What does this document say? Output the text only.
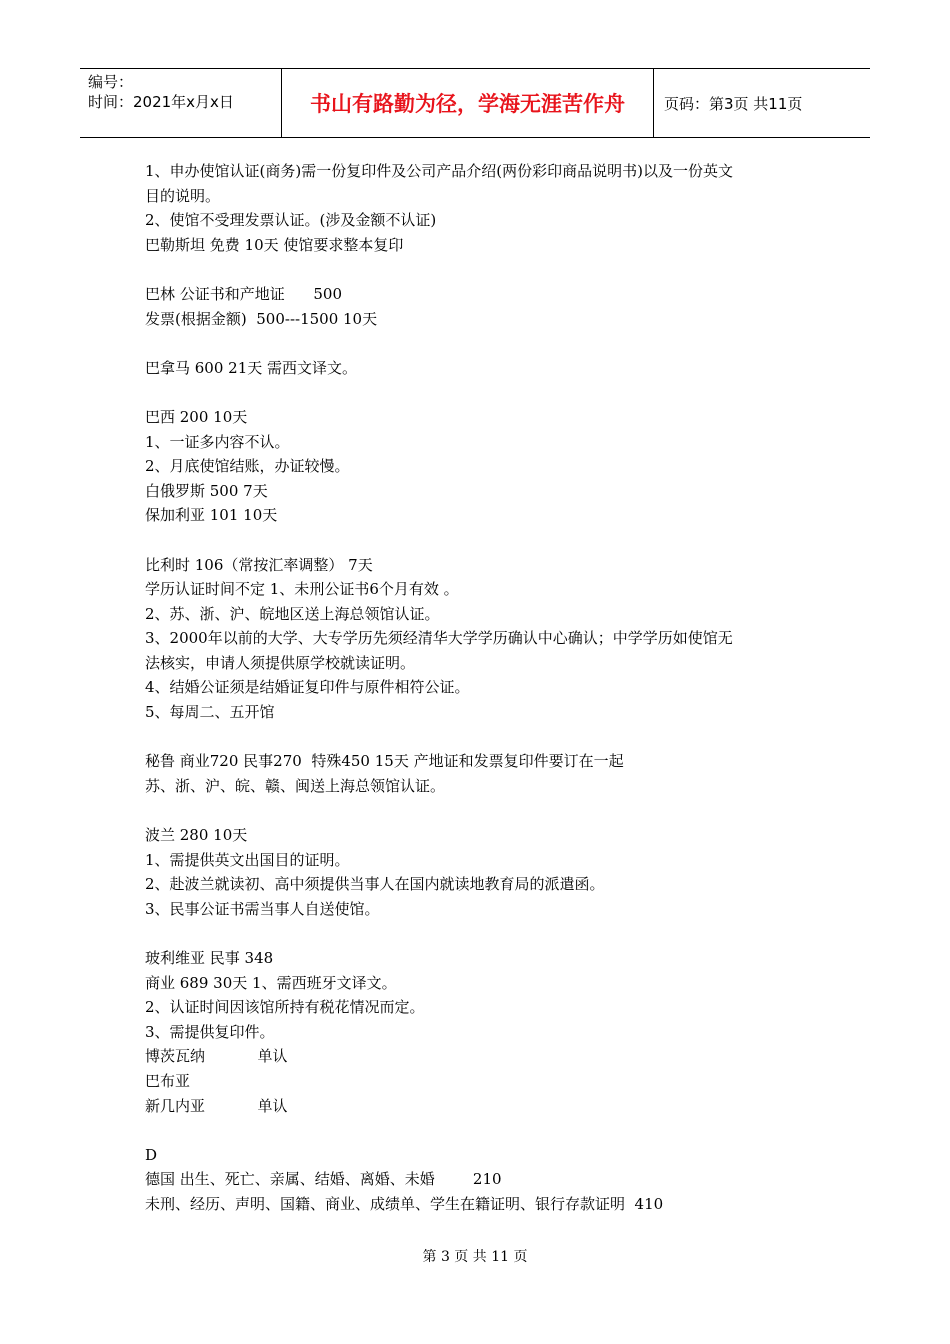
编号：
时间：2021年x月x日	书山有路勤为径，学海无涯苦作舟	页码：第3页 共11页
1、申办使馆认证(商务)需一份复印件及公司产品介绍(两份彩印商品说明书)以及一份英文
目的说明。
2、使馆不受理发票认证。(涉及金额不认证)
巴勒斯坦 免费 10天 使馆要求整本复印
巴林 公证书和产地证      500
发票(根据金额)  500---1500 10天
巴拿马 600 21天 需西文译文。
巴西 200 10天
1、一证多内容不认。
2、月底使馆结账，办证较慢。
白俄罗斯 500 7天
保加利亚 101 10天
比利时 106（常按汇率调整） 7天
学历认证时间不定 1、未刑公证书6个月有效 。
2、苏、浙、沪、皖地区送上海总领馆认证。
3、2000年以前的大学、大专学历先须经清华大学学历确认中心确认；中学学历如使馆无
法核实，申请人须提供原学校就读证明。
4、结婚公证须是结婚证复印件与原件相符公证。
5、每周二、五开馆
秘鲁 商业720 民事270  特殊450 15天 产地证和发票复印件要订在一起
苏、浙、沪、皖、赣、闽送上海总领馆认证。
波兰 280 10天
1、需提供英文出国目的证明。
2、赴波兰就读初、高中须提供当事人在国内就读地教育局的派遣函。
3、民事公证书需当事人自送使馆。
玻利维亚 民事 348
商业 689 30天 1、需西班牙文译文。
2、认证时间因该馆所持有税花情况而定。
3、需提供复印件。
博茨瓦纳           单认
巴布亚
新几内亚           单认
D
德国 出生、死亡、亲属、结婚、离婚、未婚        210
未刑、经历、声明、国籍、商业、成绩单、学生在籍证明、银行存款证明  410
第 3 页 共 11 页
